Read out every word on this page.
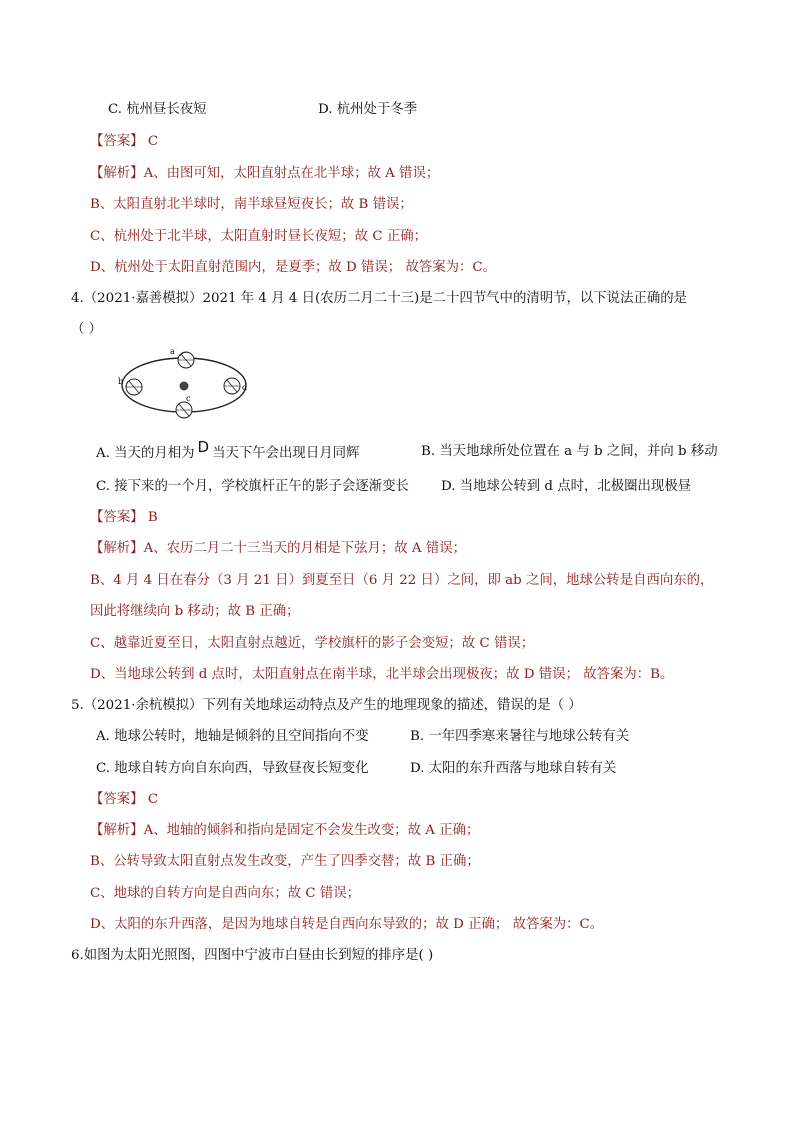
C. 杭州昼长夜短	D. 杭州处于冬季
【答案】 C
【解析】A、由图可知，太阳直射点在北半球；故 A 错误；
B、太阳直射北半球时，南半球昼短夜长；故 B 错误；
C、杭州处于北半球，太阳直射时昼长夜短；故 C 正确；
D、杭州处于太阳直射范围内，是夏季；故 D 错误； 故答案为：C。
4.（2021·嘉善模拟）2021 年 4 月 4 日(农历二月二十三)是二十四节气中的清明节，以下说法正确的是
（ ）
a
b
c
d
A. 当天的月相为 D 当天下午会出现日月同辉	B. 当天地球所处位置在 a 与 b 之间，并向 b 移动
C. 接下来的一个月，学校旗杆正午的影子会逐渐变长 D. 当地球公转到 d 点时，北极圈出现极昼
【答案】 B
【解析】A、农历二月二十三当天的月相是下弦月；故 A 错误；
B、4 月 4 日在春分（3 月 21 日）到夏至日（6 月 22 日）之间，即 ab 之间，地球公转是自西向东的，
因此将继续向 b 移动；故 B 正确；
C、越靠近夏至日，太阳直射点越近，学校旗杆的影子会变短；故 C 错误；
D、当地球公转到 d 点时，太阳直射点在南半球，北半球会出现极夜；故 D 错误； 故答案为：B。
5.（2021·余杭模拟）下列有关地球运动特点及产生的地理现象的描述，错误的是（ ）
A. 地球公转时，地轴是倾斜的且空间指向不变	B. 一年四季寒来暑往与地球公转有关
C. 地球自转方向自东向西，导致昼夜长短变化	D. 太阳的东升西落与地球自转有关
【答案】 C
【解析】A、地轴的倾斜和指向是固定不会发生改变；故 A 正确；
B、公转导致太阳直射点发生改变，产生了四季交替；故 B 正确；
C、地球的自转方向是自西向东；故 C 错误；
D、太阳的东升西落，是因为地球自转是自西向东导致的；故 D 正确； 故答案为：C。
6.如图为太阳光照图，四图中宁波市白昼由长到短的排序是( )
